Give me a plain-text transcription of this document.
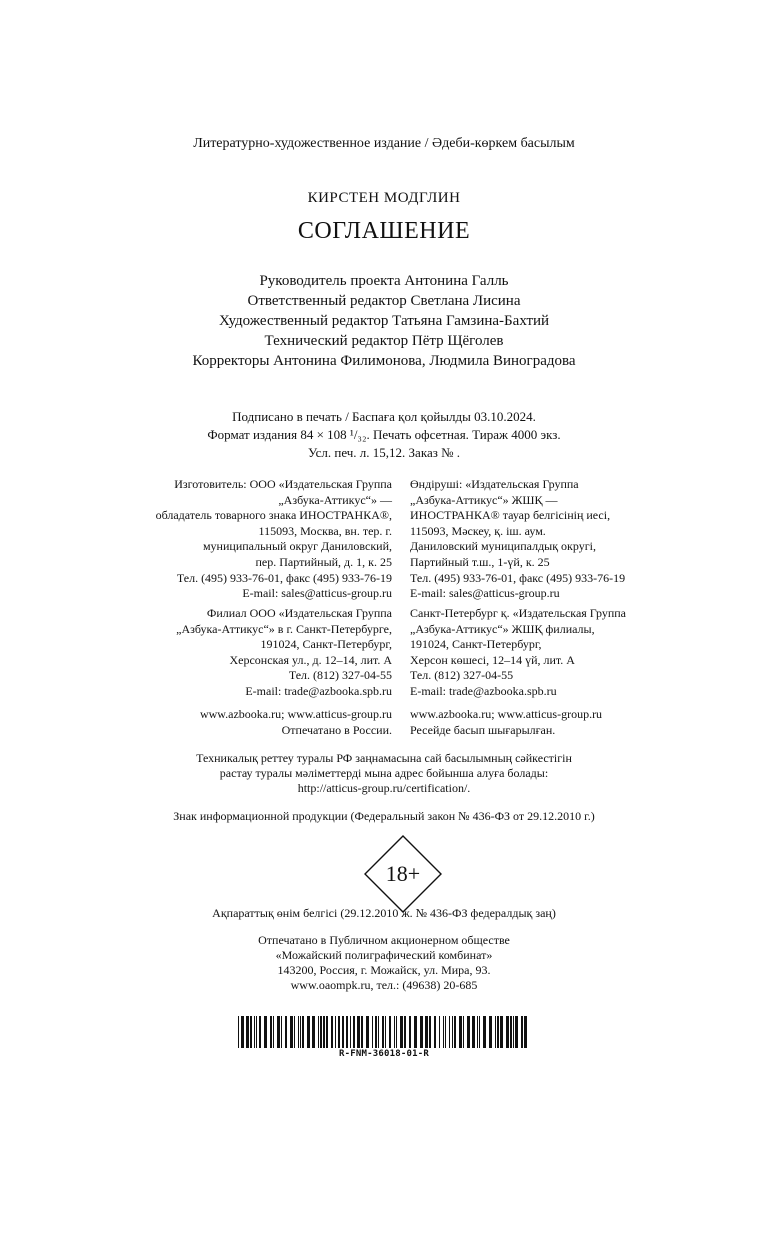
Литературно-художественное издание / Әдеби-көркем басылым
КИРСТЕН МОДГЛИН
СОГЛАШЕНИЕ
Руководитель проекта Антонина Галль
Ответственный редактор Светлана Лисина
Художественный редактор Татьяна Гамзина-Бахтий
Технический редактор Пётр Щёголев
Корректоры Антонина Филимонова, Людмила Виноградова
Подписано в печать / Баспаға қол қойылды 03.10.2024.
Формат издания 84 × 108 ¹/₃₂. Печать офсетная. Тираж 4000 экз.
Усл. печ. л. 15,12. Заказ № .
Изготовитель: ООО «Издательская Группа
„Азбука-Аттикус“» —
обладатель товарного знака ИНОСТРАНКА®,
115093, Москва, вн. тер. г.
муниципальный округ Даниловский,
пер. Партийный, д. 1, к. 25
Тел. (495) 933-76-01, факс (495) 933-76-19
E-mail: sales@atticus-group.ru
Өндіруші: «Издательская Группа
„Азбука-Аттикус“» ЖШҚ —
ИНОСТРАНКА® тауар белгісінің иесі,
115093, Мәскеу, қ. іш. аум.
Даниловский муниципалдық округі,
Партийный т.ш., 1-үй, к. 25
Тел. (495) 933-76-01, факс (495) 933-76-19
E-mail: sales@atticus-group.ru
Филиал ООО «Издательская Группа
„Азбука-Аттикус“» в г. Санкт-Петербурге,
191024, Санкт-Петербург,
Херсонская ул., д. 12–14, лит. А
Тел. (812) 327-04-55
E-mail: trade@azbooka.spb.ru
Санкт-Петербург қ. «Издательская Группа
„Азбука-Аттикус“» ЖШҚ филиалы,
191024, Санкт-Петербург,
Херсон көшесі, 12–14 үй, лит. А
Тел. (812) 327-04-55
E-mail: trade@azbooka.spb.ru
www.azbooka.ru; www.atticus-group.ru
Отпечатано в России.
www.azbooka.ru; www.atticus-group.ru
Ресейде басып шығарылған.
Техникалық реттеу туралы РФ заңнамасына сай басылымның сәйкестігін
растау туралы мәліметтерді мына адрес бойынша алуға болады:
http://atticus-group.ru/certification/.
Знак информационной продукции (Федеральный закон № 436-ФЗ от 29.12.2010 г.)
18+
Ақпараттық өнім белгісі (29.12.2010 ж. № 436-ФЗ федералдық заң)
Отпечатано в Публичном акционерном обществе
«Можайский полиграфический комбинат»
143200, Россия, г. Можайск, ул. Мира, 93.
www.oaompk.ru, тел.: (49638) 20-685
R-FNM-36018-01-R
